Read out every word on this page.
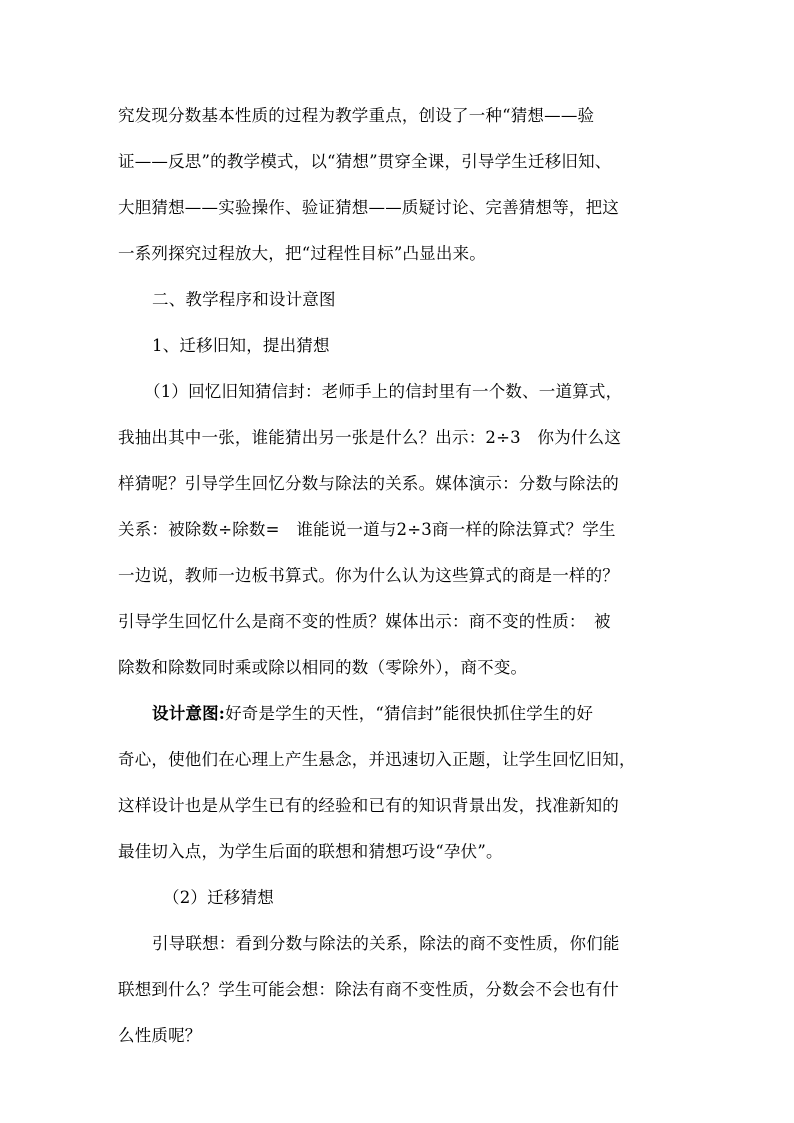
究发现分数基本性质的过程为教学重点，创设了一种“猜想——验
证——反思”的教学模式，以“猜想”贯穿全课，引导学生迁移旧知、
大胆猜想——实验操作、验证猜想——质疑讨论、完善猜想等，把这
一系列探究过程放大，把“过程性目标”凸显出来。
二、教学程序和设计意图
1、迁移旧知，提出猜想
（1）回忆旧知猜信封：老师手上的信封里有一个数、一道算式，
我抽出其中一张，谁能猜出另一张是什么？出示：2÷3　你为什么这
样猜呢？引导学生回忆分数与除法的关系。媒体演示：分数与除法的
关系：被除数÷除数=　谁能说一道与2÷3商一样的除法算式？学生
一边说，教师一边板书算式。你为什么认为这些算式的商是一样的？
引导学生回忆什么是商不变的性质？媒体出示：商不变的性质：　被
除数和除数同时乘或除以相同的数（零除外），商不变。
设计意图:好奇是学生的天性，“猜信封”能很快抓住学生的好
奇心，使他们在心理上产生悬念，并迅速切入正题，让学生回忆旧知，
这样设计也是从学生已有的经验和已有的知识背景出发，找准新知的
最佳切入点，为学生后面的联想和猜想巧设“孕伏”。
（2）迁移猜想
引导联想：看到分数与除法的关系，除法的商不变性质，你们能
联想到什么？学生可能会想：除法有商不变性质，分数会不会也有什
么性质呢？
